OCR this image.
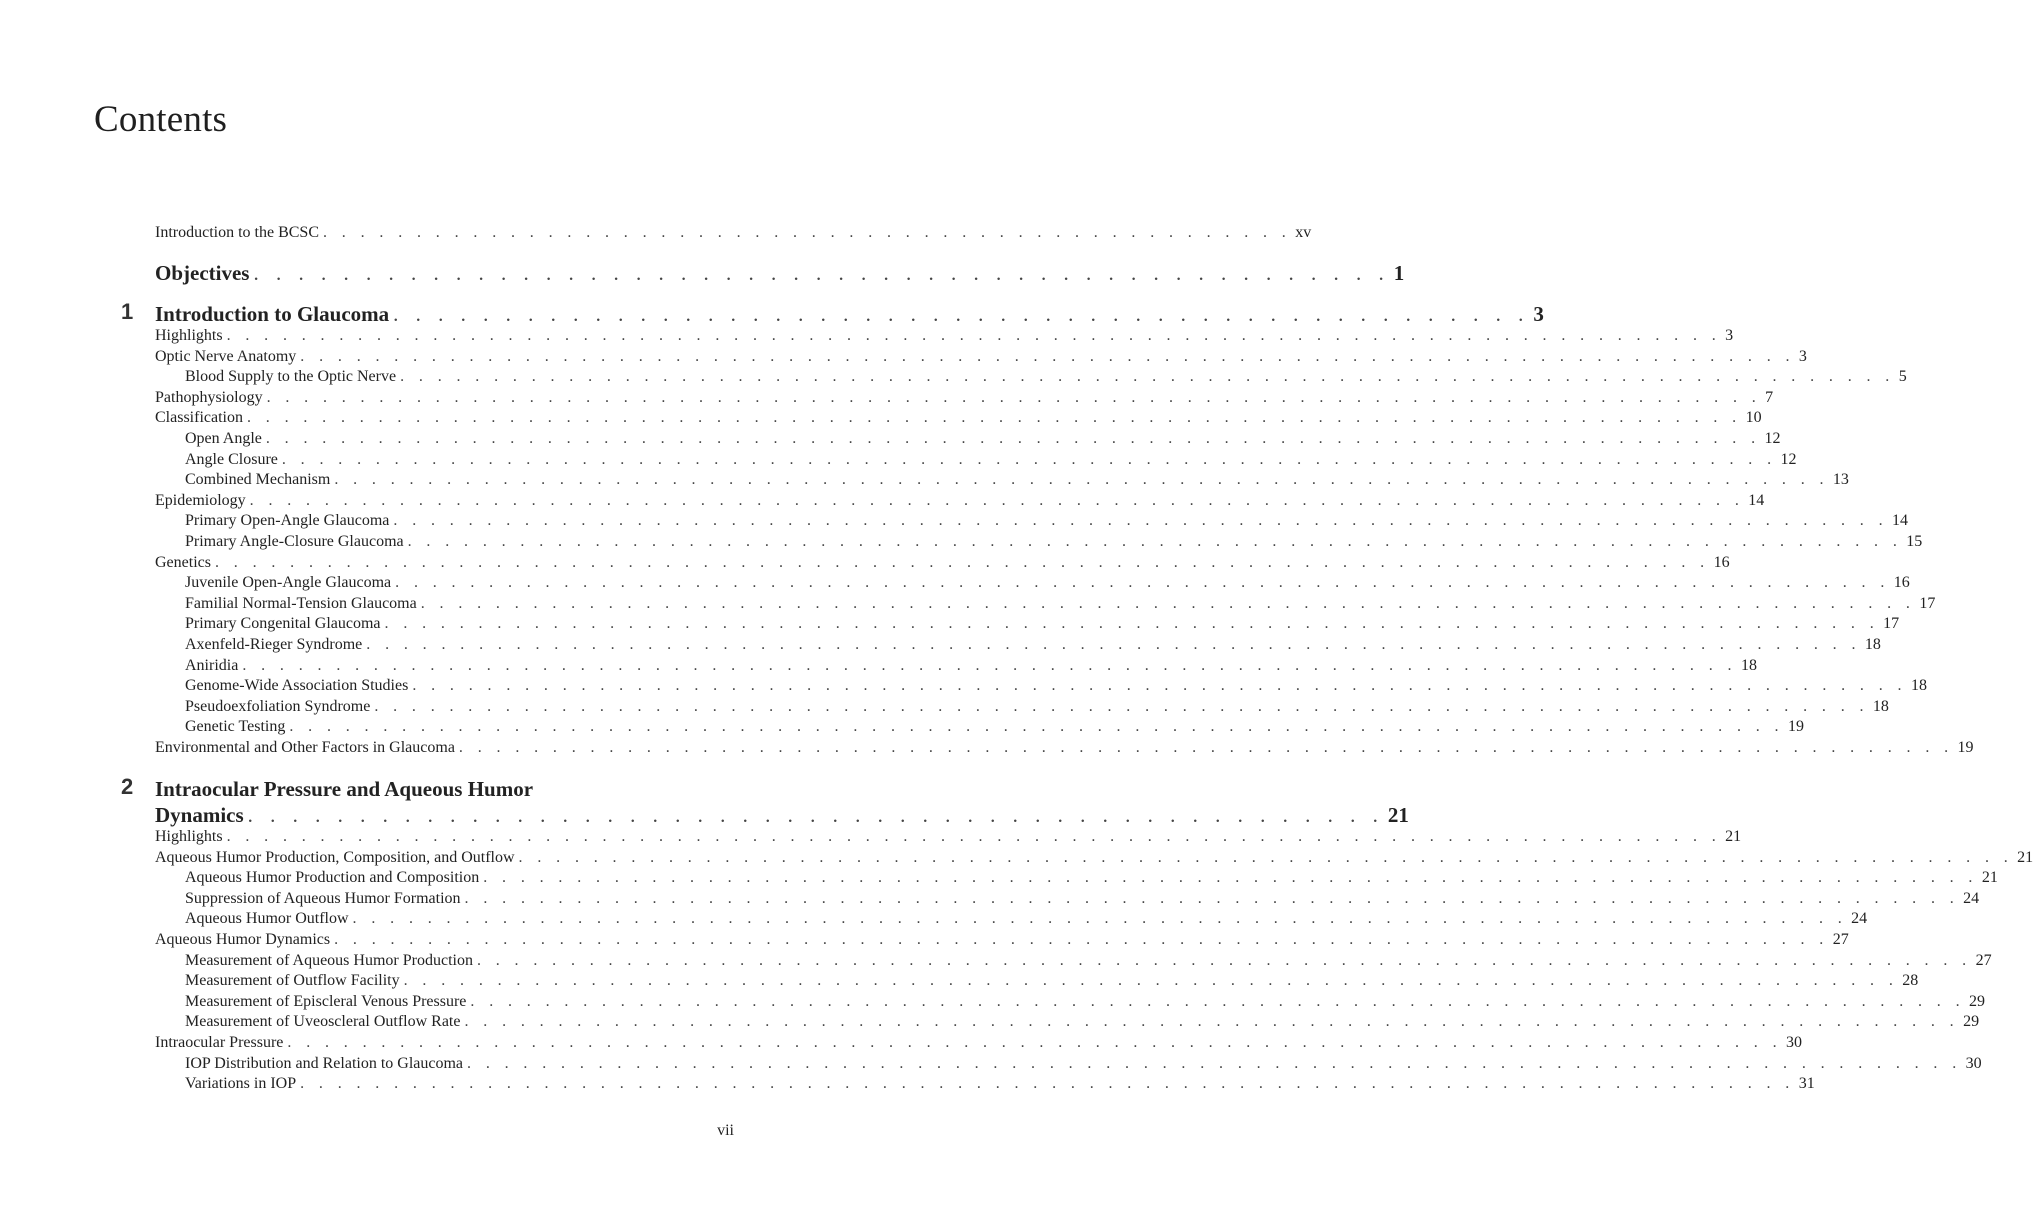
Contents
Introduction to the BCSC . . . . . . . . . . . . . . . . . . . . . . . . . . . . . . . . . . . . . . . . . . . . . . . . . . . . xv
Objectives . . . . . . . . . . . . . . . . . . . . . . . . . . . . . . . . . . . . . . . . . . . . . . . . . . . 1
1 Introduction to Glaucoma . . . . . . . . . . . . . . . . . . . . . . . . . . . . . . . . . . . . . . . . . . . . . . . . . . . 3
Highlights . . . . . . . . . . . . . . . . . . . . . . . . . . . . . . . . . . . . . . . . . . . . . . . . . . . . . . . . . . . . . . . . . . . . . . . . . . . . . . . . 3
Optic Nerve Anatomy . . . . . . . . . . . . . . . . . . . . . . . . . . . . . . . . . . . . . . . . . . . . . . . . . . . . . . . . . . . . . . . . . . . . . . . . . . . . . . . . 3
Blood Supply to the Optic Nerve . . . . . . . . . . . . . . . . . . . . . . . . . . . . . . . . . . . . . . . . . . . . . . . . . . . . . . . . . . . . . . . . . . . . . . . . . . . . . . . . 5
Pathophysiology . . . . . . . . . . . . . . . . . . . . . . . . . . . . . . . . . . . . . . . . . . . . . . . . . . . . . . . . . . . . . . . . . . . . . . . . . . . . . . . . 7
Classification . . . . . . . . . . . . . . . . . . . . . . . . . . . . . . . . . . . . . . . . . . . . . . . . . . . . . . . . . . . . . . . . . . . . . . . . . . . . . . . . 10
Open Angle . . . . . . . . . . . . . . . . . . . . . . . . . . . . . . . . . . . . . . . . . . . . . . . . . . . . . . . . . . . . . . . . . . . . . . . . . . . . . . . . 12
Angle Closure . . . . . . . . . . . . . . . . . . . . . . . . . . . . . . . . . . . . . . . . . . . . . . . . . . . . . . . . . . . . . . . . . . . . . . . . . . . . . . . . 12
Combined Mechanism . . . . . . . . . . . . . . . . . . . . . . . . . . . . . . . . . . . . . . . . . . . . . . . . . . . . . . . . . . . . . . . . . . . . . . . . . . . . . . . . 13
Epidemiology . . . . . . . . . . . . . . . . . . . . . . . . . . . . . . . . . . . . . . . . . . . . . . . . . . . . . . . . . . . . . . . . . . . . . . . . . . . . . . . . 14
Primary Open-Angle Glaucoma . . . . . . . . . . . . . . . . . . . . . . . . . . . . . . . . . . . . . . . . . . . . . . . . . . . . . . . . . . . . . . . . . . . . . . . . . . . . . . . . 14
Primary Angle-Closure Glaucoma . . . . . . . . . . . . . . . . . . . . . . . . . . . . . . . . . . . . . . . . . . . . . . . . . . . . . . . . . . . . . . . . . . . . . . . . . . . . . . . . 15
Genetics . . . . . . . . . . . . . . . . . . . . . . . . . . . . . . . . . . . . . . . . . . . . . . . . . . . . . . . . . . . . . . . . . . . . . . . . . . . . . . . . 16
Juvenile Open-Angle Glaucoma . . . . . . . . . . . . . . . . . . . . . . . . . . . . . . . . . . . . . . . . . . . . . . . . . . . . . . . . . . . . . . . . . . . . . . . . . . . . . . . . 16
Familial Normal-Tension Glaucoma . . . . . . . . . . . . . . . . . . . . . . . . . . . . . . . . . . . . . . . . . . . . . . . . . . . . . . . . . . . . . . . . . . . . . . . . . . . . . . . . 17
Primary Congenital Glaucoma . . . . . . . . . . . . . . . . . . . . . . . . . . . . . . . . . . . . . . . . . . . . . . . . . . . . . . . . . . . . . . . . . . . . . . . . . . . . . . . . 17
Axenfeld-Rieger Syndrome . . . . . . . . . . . . . . . . . . . . . . . . . . . . . . . . . . . . . . . . . . . . . . . . . . . . . . . . . . . . . . . . . . . . . . . . . . . . . . . . 18
Aniridia . . . . . . . . . . . . . . . . . . . . . . . . . . . . . . . . . . . . . . . . . . . . . . . . . . . . . . . . . . . . . . . . . . . . . . . . . . . . . . . . 18
Genome-Wide Association Studies . . . . . . . . . . . . . . . . . . . . . . . . . . . . . . . . . . . . . . . . . . . . . . . . . . . . . . . . . . . . . . . . . . . . . . . . . . . . . . . . 18
Pseudoexfoliation Syndrome . . . . . . . . . . . . . . . . . . . . . . . . . . . . . . . . . . . . . . . . . . . . . . . . . . . . . . . . . . . . . . . . . . . . . . . . . . . . . . . . 18
Genetic Testing . . . . . . . . . . . . . . . . . . . . . . . . . . . . . . . . . . . . . . . . . . . . . . . . . . . . . . . . . . . . . . . . . . . . . . . . . . . . . . . . 19
Environmental and Other Factors in Glaucoma . . . . . . . . . . . . . . . . . . . . . . . . . . . . . . . . . . . . . . . . . . . . . . . . . . . . . . . . . . . . . . . . . . . . . . . . . . . . . . . . 19
2 Intraocular Pressure and Aqueous Humor
Dynamics . . . . . . . . . . . . . . . . . . . . . . . . . . . . . . . . . . . . . . . . . . . . . . . . . . . 21
Highlights . . . . . . . . . . . . . . . . . . . . . . . . . . . . . . . . . . . . . . . . . . . . . . . . . . . . . . . . . . . . . . . . . . . . . . . . . . . . . . . . 21
Aqueous Humor Production, Composition, and Outflow . . . . . . . . . . . . . . . . . . . . . . . . . . . . . . . . . . . . . . . . . . . . . . . . . . . . . . . . . . . . . . . . . . . . . . . . . . . . . . . . 21
Aqueous Humor Production and Composition . . . . . . . . . . . . . . . . . . . . . . . . . . . . . . . . . . . . . . . . . . . . . . . . . . . . . . . . . . . . . . . . . . . . . . . . . . . . . . . . 21
Suppression of Aqueous Humor Formation . . . . . . . . . . . . . . . . . . . . . . . . . . . . . . . . . . . . . . . . . . . . . . . . . . . . . . . . . . . . . . . . . . . . . . . . . . . . . . . . 24
Aqueous Humor Outflow . . . . . . . . . . . . . . . . . . . . . . . . . . . . . . . . . . . . . . . . . . . . . . . . . . . . . . . . . . . . . . . . . . . . . . . . . . . . . . . . 24
Aqueous Humor Dynamics . . . . . . . . . . . . . . . . . . . . . . . . . . . . . . . . . . . . . . . . . . . . . . . . . . . . . . . . . . . . . . . . . . . . . . . . . . . . . . . . 27
Measurement of Aqueous Humor Production . . . . . . . . . . . . . . . . . . . . . . . . . . . . . . . . . . . . . . . . . . . . . . . . . . . . . . . . . . . . . . . . . . . . . . . . . . . . . . . . 27
Measurement of Outflow Facility . . . . . . . . . . . . . . . . . . . . . . . . . . . . . . . . . . . . . . . . . . . . . . . . . . . . . . . . . . . . . . . . . . . . . . . . . . . . . . . . 28
Measurement of Episcleral Venous Pressure . . . . . . . . . . . . . . . . . . . . . . . . . . . . . . . . . . . . . . . . . . . . . . . . . . . . . . . . . . . . . . . . . . . . . . . . . . . . . . . . 29
Measurement of Uveoscleral Outflow Rate . . . . . . . . . . . . . . . . . . . . . . . . . . . . . . . . . . . . . . . . . . . . . . . . . . . . . . . . . . . . . . . . . . . . . . . . . . . . . . . . 29
Intraocular Pressure . . . . . . . . . . . . . . . . . . . . . . . . . . . . . . . . . . . . . . . . . . . . . . . . . . . . . . . . . . . . . . . . . . . . . . . . . . . . . . . . 30
IOP Distribution and Relation to Glaucoma . . . . . . . . . . . . . . . . . . . . . . . . . . . . . . . . . . . . . . . . . . . . . . . . . . . . . . . . . . . . . . . . . . . . . . . . . . . . . . . . 30
Variations in IOP . . . . . . . . . . . . . . . . . . . . . . . . . . . . . . . . . . . . . . . . . . . . . . . . . . . . . . . . . . . . . . . . . . . . . . . . . . . . . . . . 31
vii
